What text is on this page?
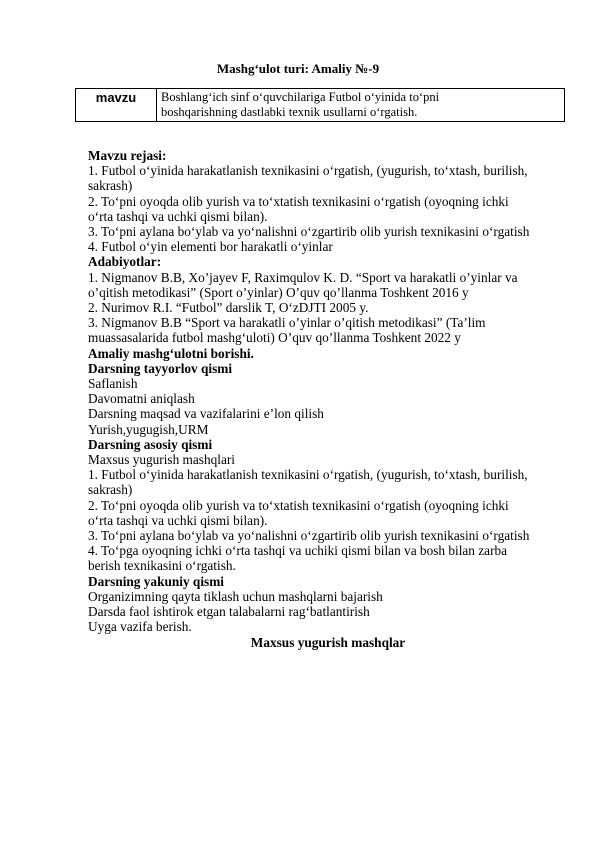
Mashg‘ulot turi: Amaliy №-9
mavzu	Boshlang‘ich sinf o‘quvchilariga Futbol o‘yinida to‘pni
boshqarishning dastlabki texnik usullarni o‘rgatish.
Mavzu rejasi:
1. Futbol o‘yinida harakatlanish texnikasini o‘rgatish, (yugurish, to‘xtash, burilish,
sakrash)
2. To‘pni oyoqda olib yurish va to‘xtatish texnikasini o‘rgatish (oyoqning ichki
o‘rta tashqi va uchki qismi bilan).
3. To‘pni aylana bo‘ylab va yo‘nalishni o‘zgartirib olib yurish texnikasini o‘rgatish
4. Futbol o‘yin elementi bor harakatli o‘yinlar
Adabiyotlar:
1. Nigmanov B.B, Xo’jayev F, Raximqulov K. D. “Sport va harakatli o’yinlar va
o’qitish metodikasi” (Sport o’yinlar) O’quv qo’llanma Toshkent 2016 y
2. Nurimov R.I. “Futbol” darslik T, O‘zDJTI 2005 y.
3. Nigmanov B.B “Sport va harakatli o’yinlar o’qitish metodikasi” (Ta’lim
muassasalarida futbol mashg‘uloti) O’quv qo’llanma Toshkent 2022 y
Amaliy mashg‘ulotni borishi.
Darsning tayyorlov qismi
Saflanish
Davomatni aniqlash
Darsning maqsad va vazifalarini e’lon qilish
Yurish,yugugish,URM
Darsning asosiy qismi
Maxsus yugurish mashqlari
1. Futbol o‘yinida harakatlanish texnikasini o‘rgatish, (yugurish, to‘xtash, burilish,
sakrash)
2. To‘pni oyoqda olib yurish va to‘xtatish texnikasini o‘rgatish (oyoqning ichki
o‘rta tashqi va uchki qismi bilan).
3. To‘pni aylana bo‘ylab va yo‘nalishni o‘zgartirib olib yurish texnikasini o‘rgatish
4. To‘pga oyoqning ichki o‘rta tashqi va uchiki qismi bilan va bosh bilan zarba
berish texnikasini o‘rgatish.
Darsning yakuniy qismi
Organizimning qayta tiklash uchun mashqlarni bajarish
Darsda faol ishtirok etgan talabalarni rag‘batlantirish
Uyga vazifa berish.
Maxsus yugurish mashqlar
